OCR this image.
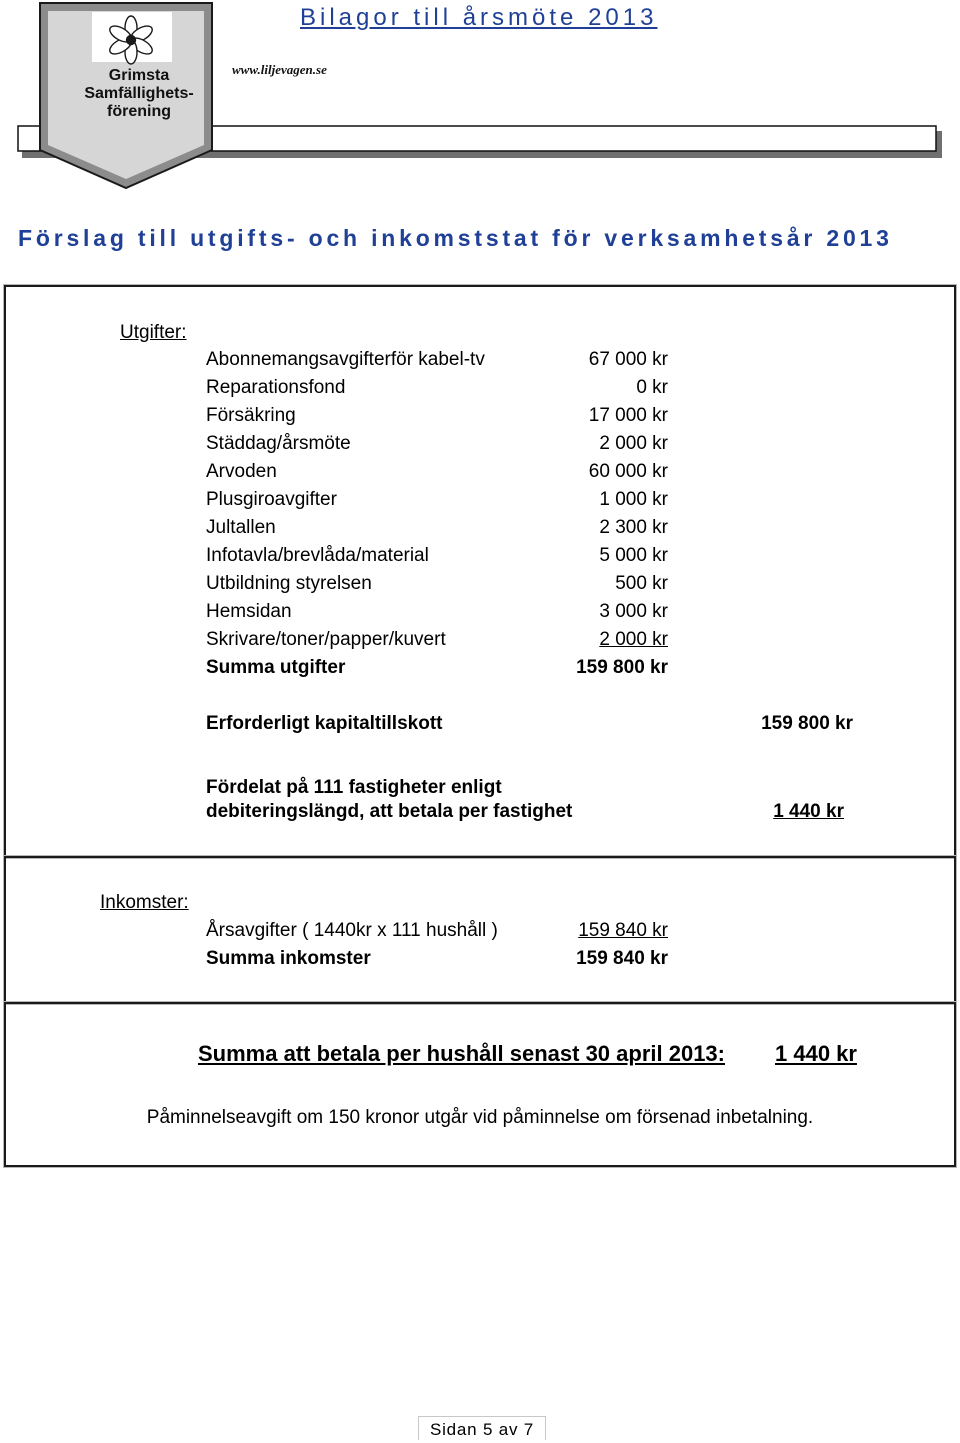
Grimsta
Samfällighets-
förening
www.liljevagen.se
Bilagor till årsmöte 2013
Förslag till utgifts- och inkomststat för verksamhetsår 2013
Utgifter:
Abonnemangsavgifterför kabel-tv	67 000 kr
Reparationsfond	0 kr
Försäkring	17 000 kr
Städdag/årsmöte	2 000 kr
Arvoden	60 000 kr
Plusgiroavgifter	1 000 kr
Jultallen	2 300 kr
Infotavla/brevlåda/material	5 000 kr
Utbildning styrelsen	500 kr
Hemsidan	3 000 kr
Skrivare/toner/papper/kuvert	2 000 kr
Summa utgifter	159 800 kr
Erforderligt kapitaltillskott	159 800 kr
Fördelat på 111 fastigheter enligt
debiteringslängd, att betala per fastighet	1 440 kr
Inkomster:
Årsavgifter ( 1440kr x 111 hushåll )	159 840 kr
Summa inkomster	159 840 kr
Summa att betala per hushåll senast 30 april 2013: 1 440 kr
Påminnelseavgift om 150 kronor utgår vid påminnelse om försenad inbetalning.
Sidan 5 av 7
